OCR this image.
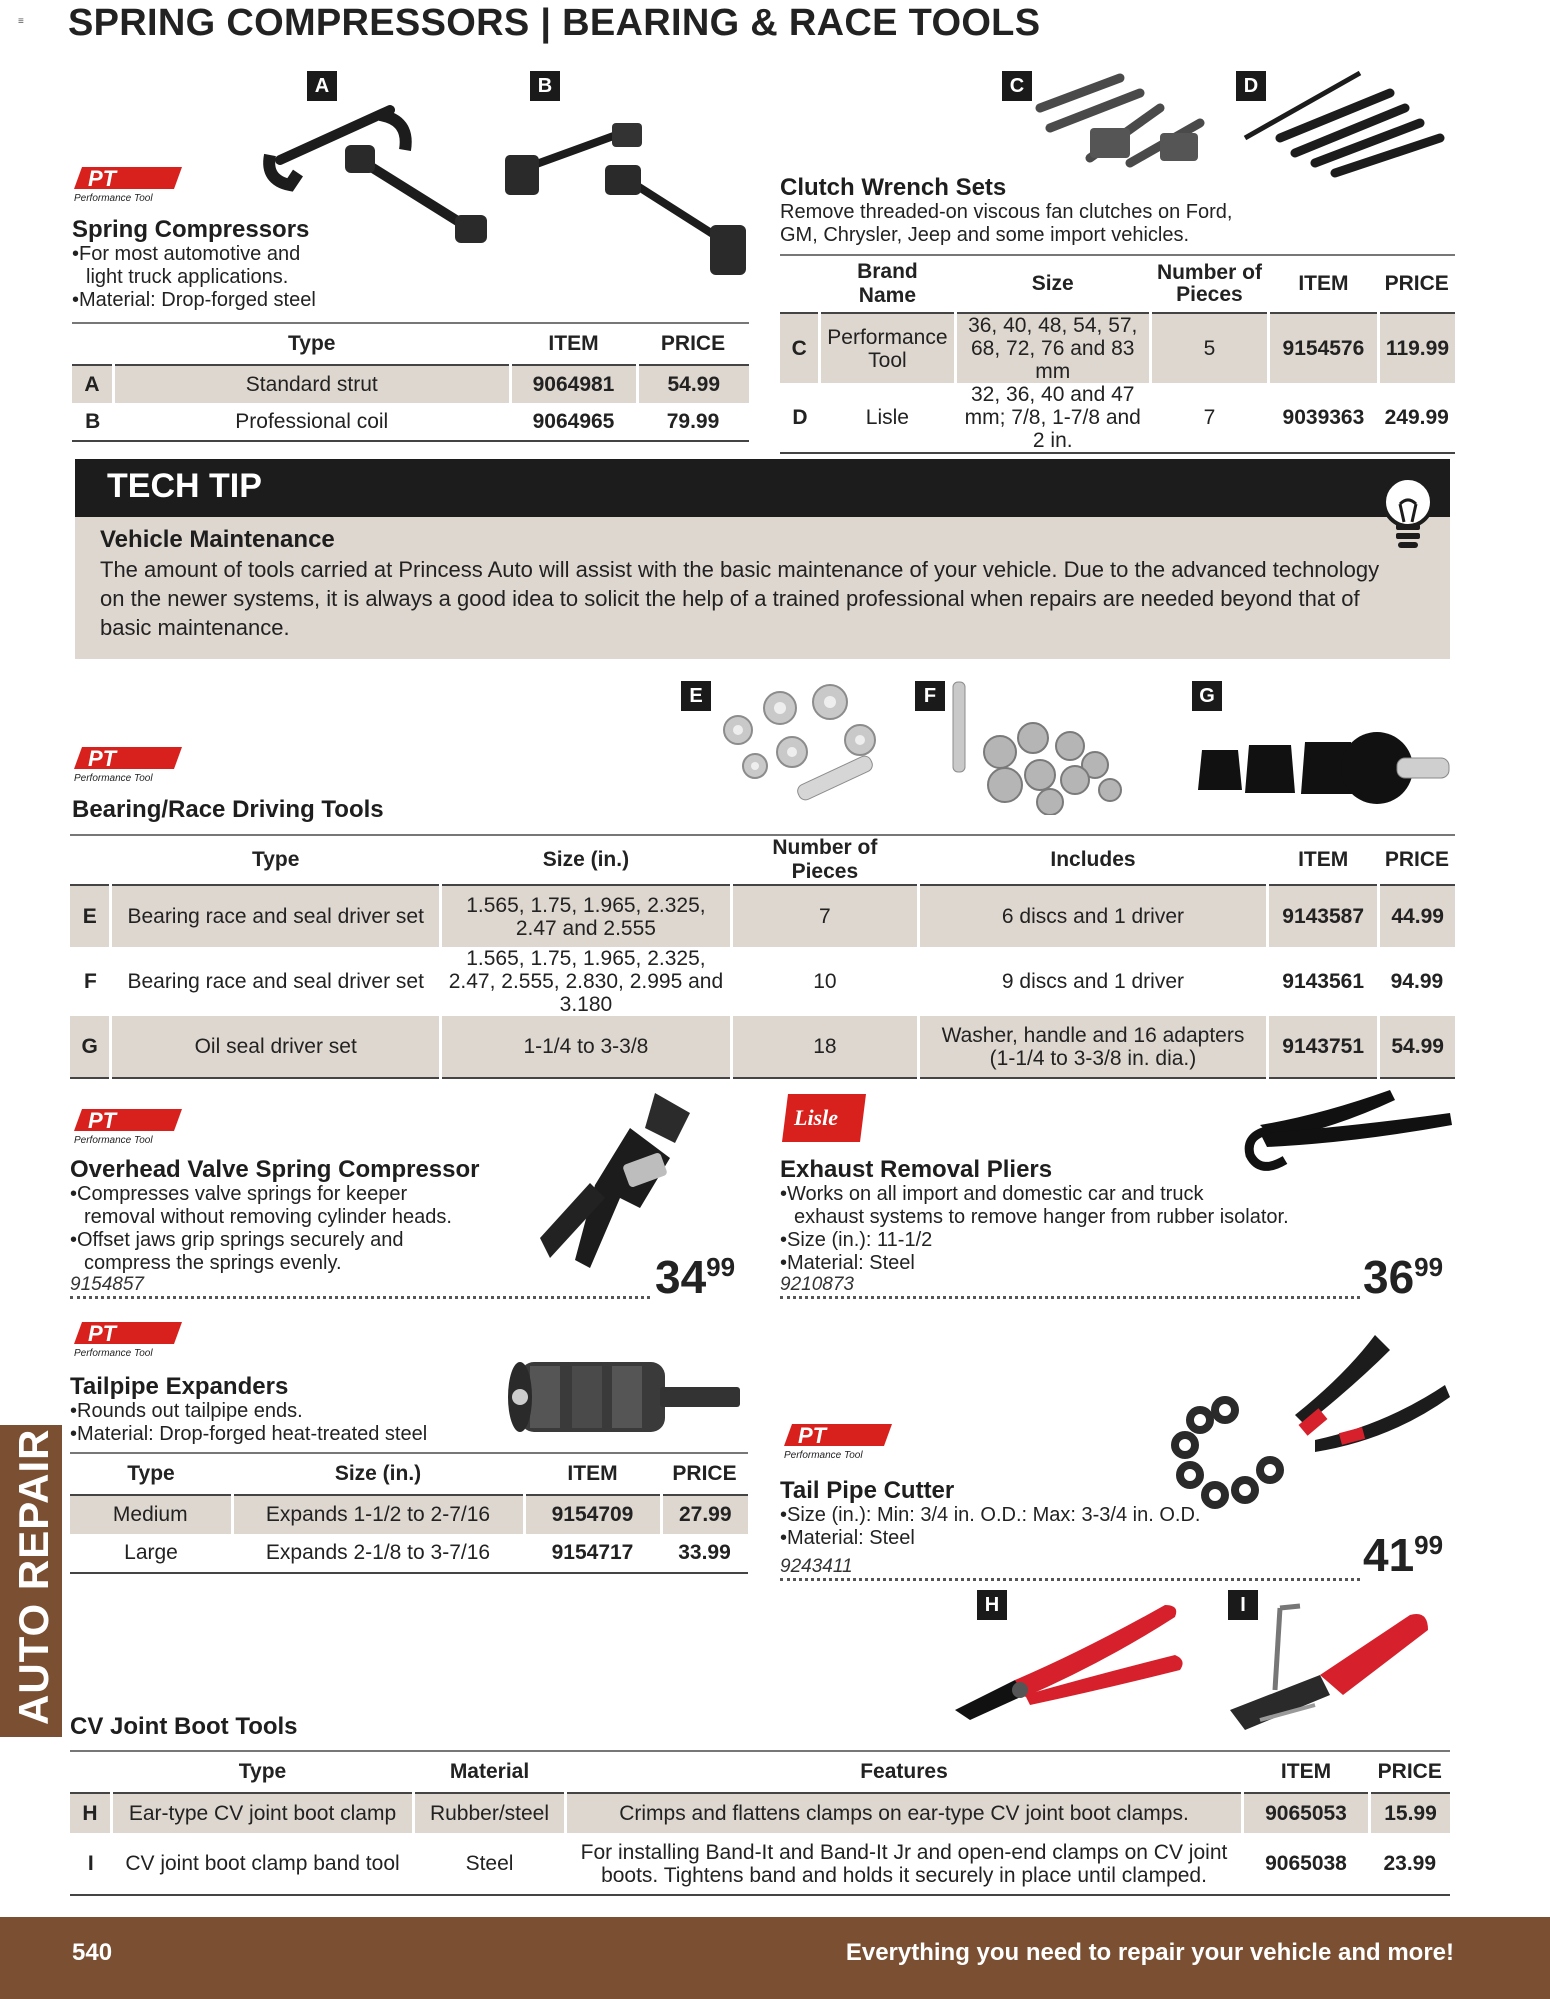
≡ SPRING COMPRESSORS | BEARING & RACE TOOLS
PT
Performance Tool
Spring Compressors
•For most automotive and
light truck applications.
•Material: Drop-forged steel
A	B
	Type	ITEM	PRICE
A	Standard strut	9064981	54.99
B	Professional coil	9064965	79.99
C	D
Clutch Wrench Sets
Remove threaded-on viscous fan clutches on Ford,
GM, Chrysler, Jeep and some import vehicles.
	Brand Name	Size	Number of Pieces	ITEM	PRICE
C	Performance Tool	36, 40, 48, 54, 57, 68, 72, 76 and 83 mm	5	9154576	119.99
D	Lisle	32, 36, 40 and 47 mm; 7/8, 1-7/8 and 2 in.	7	9039363	249.99
TECH TIP
Vehicle Maintenance
The amount of tools carried at Princess Auto will assist with the basic maintenance of your vehicle. Due to the advanced technology on the newer systems, it is always a good idea to solicit the help of a trained professional when repairs are needed beyond that of basic maintenance.
E	F	G
PT
Performance Tool
Bearing/Race Driving Tools
	Type	Size (in.)	Number of Pieces	Includes	ITEM	PRICE
E	Bearing race and seal driver set	1.565, 1.75, 1.965, 2.325, 2.47 and 2.555	7	6 discs and 1 driver	9143587	44.99
F	Bearing race and seal driver set	1.565, 1.75, 1.965, 2.325, 2.47, 2.555, 2.830, 2.995 and 3.180	10	9 discs and 1 driver	9143561	94.99
G	Oil seal driver set	1-1/4 to 3-3/8	18	Washer, handle and 16 adapters (1-1/4 to 3-3/8 in. dia.)	9143751	54.99
PT
Performance Tool
Overhead Valve Spring Compressor
•Compresses valve springs for keeper
removal without removing cylinder heads.
•Offset jaws grip springs securely and
compress the springs evenly.
9154857	$34^{99}$
Lisle
Exhaust Removal Pliers
•Works on all import and domestic car and truck
exhaust systems to remove hanger from rubber isolator.
•Size (in.): 11-1/2
•Material: Steel
9210873	$36^{99}$
PT
Performance Tool
Tailpipe Expanders
•Rounds out tailpipe ends.
•Material: Drop-forged heat-treated steel
Type	Size (in.)	ITEM	PRICE
Medium	Expands 1-1/2 to 2-7/16	9154709	27.99
Large	Expands 2-1/8 to 3-7/16	9154717	33.99
PT
Performance Tool
Tail Pipe Cutter
•Size (in.): Min: 3/4 in. O.D.: Max: 3-3/4 in. O.D.
•Material: Steel
9243411	$41^{99}$
H	I
CV Joint Boot Tools
	Type	Material	Features	ITEM	PRICE
H	Ear-type CV joint boot clamp	Rubber/steel	Crimps and flattens clamps on ear-type CV joint boot clamps.	9065053	15.99
I	CV joint boot clamp band tool	Steel	For installing Band-It and Band-It Jr and open-end clamps on CV joint boots. Tightens band and holds it securely in place until clamped.	9065038	23.99
AUTO REPAIR
540	Everything you need to repair your vehicle and more!
